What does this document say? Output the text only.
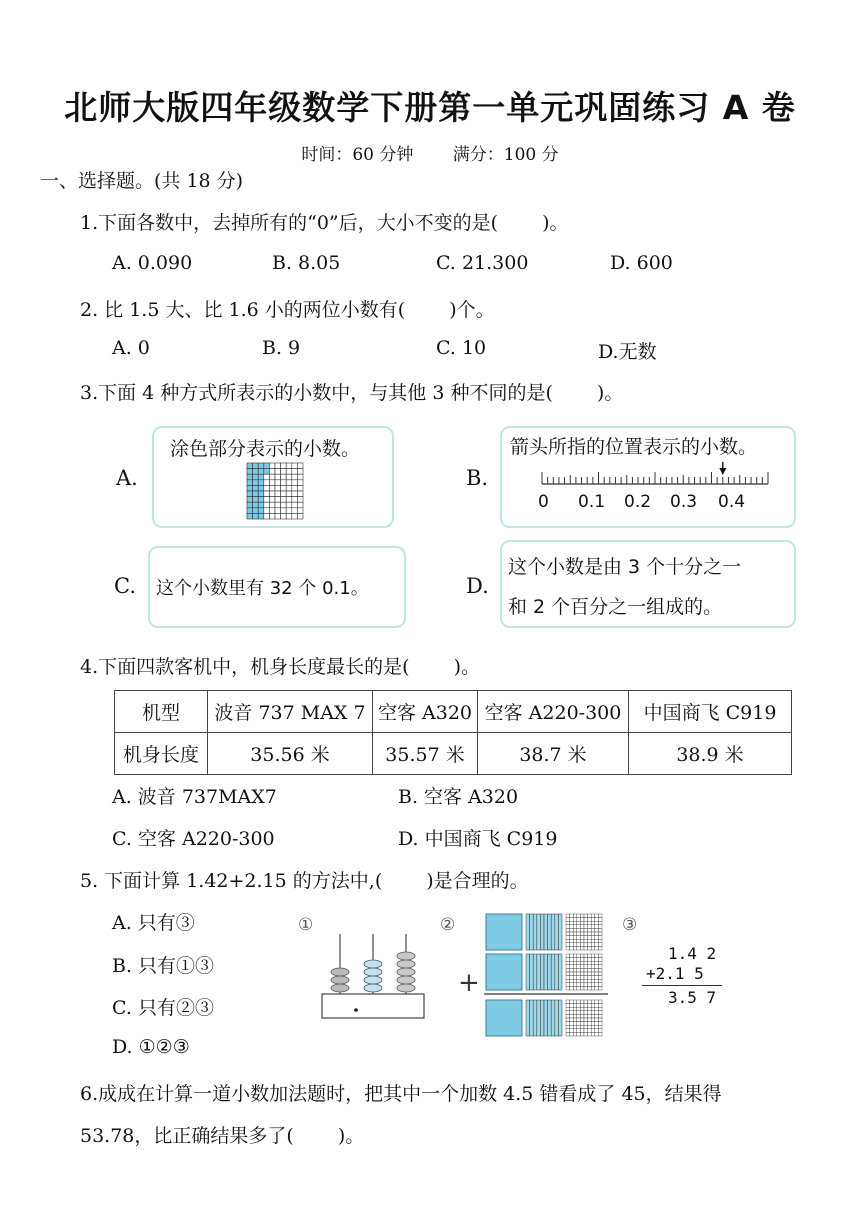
北师大版四年级数学下册第一单元巩固练习 A 卷
时间：60 分钟　　 满分：100 分
一、选择题。(共 18 分)
1.下面各数中，去掉所有的“0”后，大小不变的是(　　 )。
A. 0.090	B. 8.05	C. 21.300	D. 600
2. 比 1.5 大、比 1.6 小的两位小数有(　　 )个。
A. 0	B. 9	C. 10	D.无数
3.下面 4 种方式所表示的小数中，与其他 3 种不同的是(　　 )。
A.
涂色部分表示的小数。
B.
箭头所指的位置表示的小数。
0 0.1 0.2 0.3 0.4
C. 这个小数里有 32 个 0.1。	D.
这个小数是由 3 个十分之一
和 2 个百分之一组成的。
4.下面四款客机中，机身长度最长的是(　　 )。
机型	波音 737 MAX 7	空客 A320	空客 A220-300	中国商飞 C919
机身长度	35.56 米	35.57 米	38.7 米	38.9 米
A. 波音 737MAX7	B. 空客 A320
C. 空客 A220-300	D. 中国商飞 C919
5. 下面计算 1.42+2.15 的方法中,(　　 )是合理的。
A. 只有③
B. 只有①③
C. 只有②③
D. ①②③
①	②
+
③
1.4 2
+2.1 5
3.5 7
6.成成在计算一道小数加法题时，把其中一个加数 4.5 错看成了 45，结果得
53.78，比正确结果多了(　　 )。
